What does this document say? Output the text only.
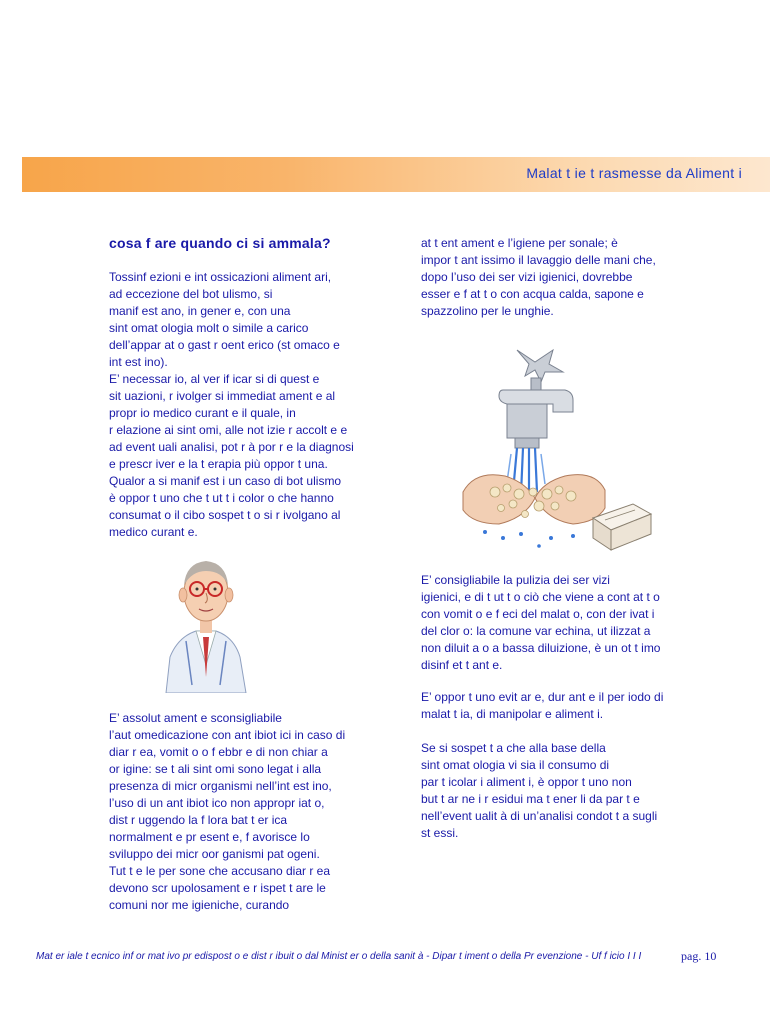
Malat t ie t rasmesse da Aliment i
cosa f are quando ci si ammala?

Tossinf ezioni e int ossicazioni aliment ari,
ad eccezione del bot ulismo, si
manif est ano, in gener e, con una
sint omat ologia molt o simile a carico
dell’appar at o gast r oent erico (st omaco e
int est ino).
E’ necessar io, al ver if icar si di quest e
sit uazioni, r ivolger si immediat ament e al
propr io medico curant e il quale, in
r elazione ai sint omi, alle not izie r accolt e e
ad event uali analisi, pot r à por r e la diagnosi
e prescr iver e la t erapia più oppor t una.
Qualor a si manif est i un caso di bot ulismo
è oppor t uno che t ut t i color o che hanno
consumat o il cibo sospet t o si r ivolgano al
medico curant e.

E’ assolut ament e sconsigliabile
l’aut omedicazione con ant ibiot ici in caso di
diar r ea, vomit o o f ebbr e di non chiar a
or igine: se t ali sint omi sono legat i alla
presenza di micr organismi nell’int est ino,
l’uso di un ant ibiot ico non appropr iat o,
dist r uggendo la f lora bat t er ica
normalment e pr esent e, f avorisce lo
sviluppo dei micr oor ganismi pat ogeni.
Tut t e le per sone che accusano diar r ea
devono scr upolosament e r ispet t are le
comuni nor me igieniche, curando

at t ent ament e l’igiene per sonale; è
impor t ant issimo il lavaggio delle mani che,
dopo l’uso dei ser vizi igienici, dovrebbe
esser e f at t o con acqua calda, sapone e
spazzolino per le unghie.

E’ consigliabile la pulizia dei ser vizi
igienici, e di t ut t o ciò che viene a cont at t o
con vomit o e f eci del malat o, con der ivat i
del clor o: la comune var echina, ut ilizzat a
non diluit a o a bassa diluizione, è un ot t imo
disinf et t ant e.

E’ oppor t uno evit ar e, dur ant e il per iodo di
malat t ia, di manipolar e aliment i.

Se si sospet t a che alla base della
sint omat ologia vi sia il consumo di
par t icolar i aliment i, è oppor t uno non
but t ar ne i r esidui ma t ener li da par t e
nell’event ualit à di un’analisi condot t a sugli
st essi.

Mat er iale t ecnico inf or mat ivo pr edispost o e dist r ibuit o dal Minist er o della sanit à - Dipar t iment o della Pr evenzione - Uf f icio I I I	pag. 10
